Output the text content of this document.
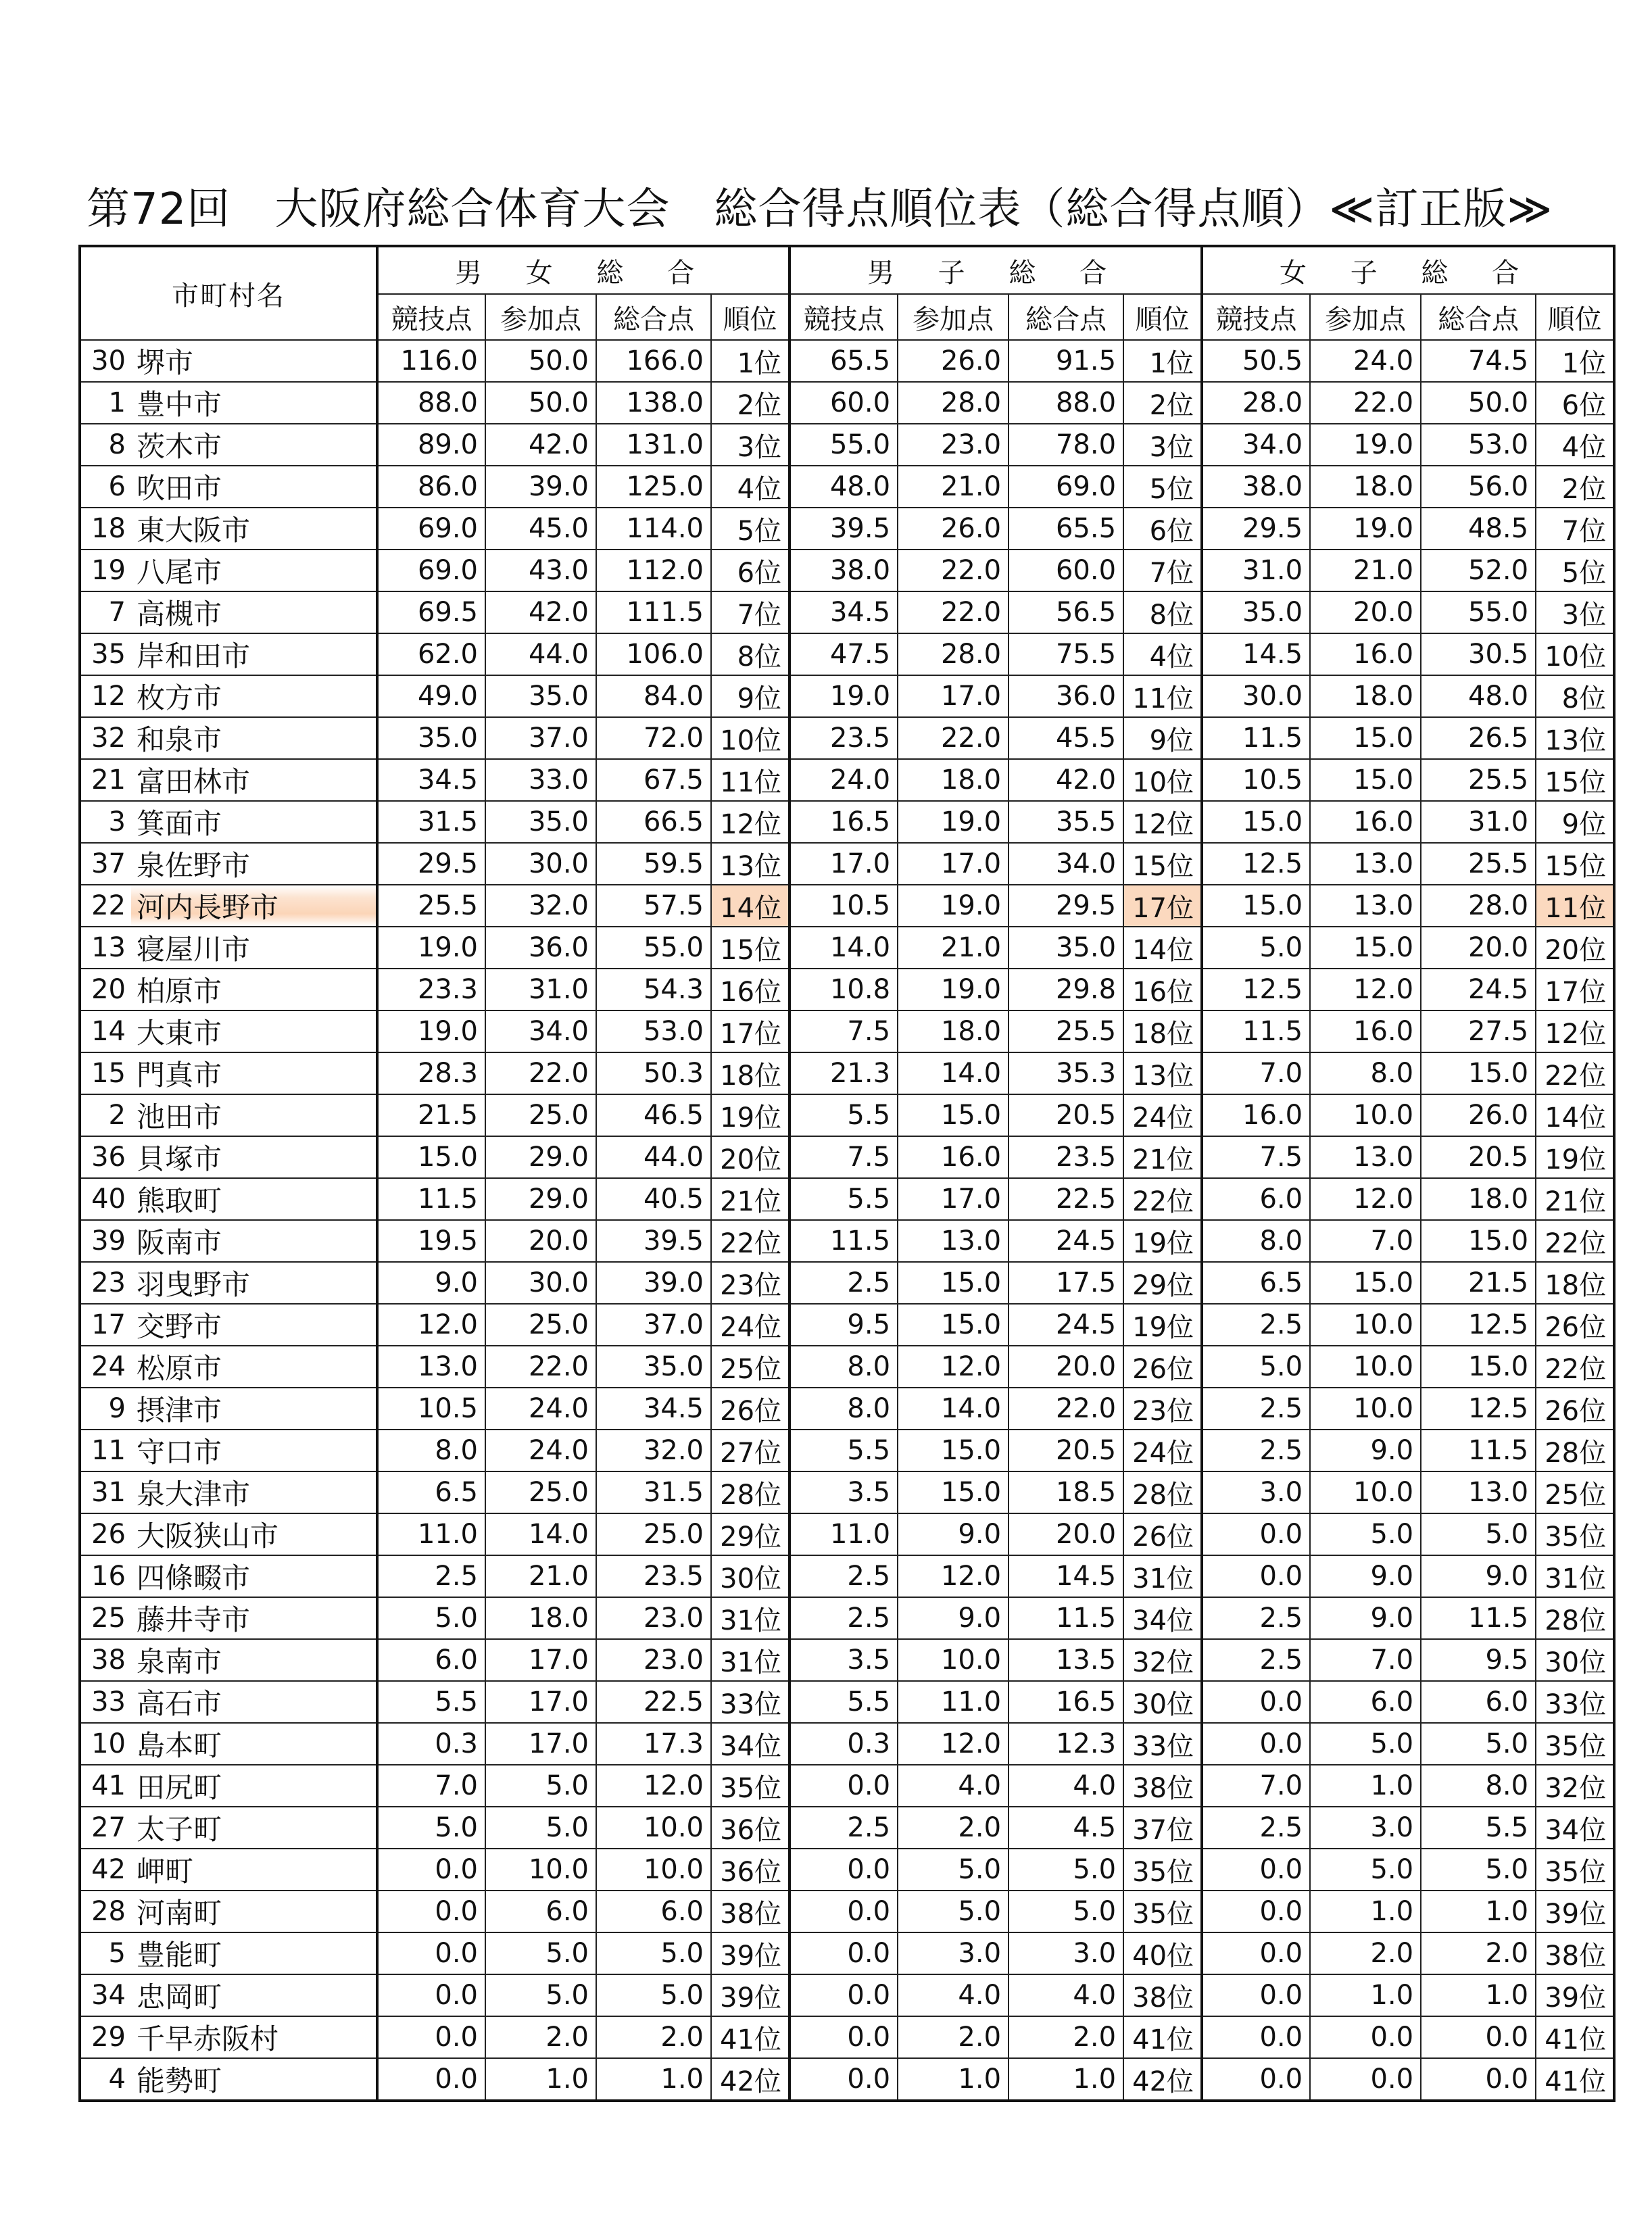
第72回　大阪府総合体育大会　総合得点順位表（総合得点順）≪訂正版≫
市町村名		男 女 総 合				男 子 総 合				女 子 総 合			
		競技点	参加点	総合点	順位	競技点	参加点	総合点	順位	競技点	参加点	総合点	順位
30	堺市	116.0	50.0	166.0	1位	65.5	26.0	91.5	1位	50.5	24.0	74.5	1位
1	豊中市	88.0	50.0	138.0	2位	60.0	28.0	88.0	2位	28.0	22.0	50.0	6位
8	茨木市	89.0	42.0	131.0	3位	55.0	23.0	78.0	3位	34.0	19.0	53.0	4位
6	吹田市	86.0	39.0	125.0	4位	48.0	21.0	69.0	5位	38.0	18.0	56.0	2位
18	東大阪市	69.0	45.0	114.0	5位	39.5	26.0	65.5	6位	29.5	19.0	48.5	7位
19	八尾市	69.0	43.0	112.0	6位	38.0	22.0	60.0	7位	31.0	21.0	52.0	5位
7	高槻市	69.5	42.0	111.5	7位	34.5	22.0	56.5	8位	35.0	20.0	55.0	3位
35	岸和田市	62.0	44.0	106.0	8位	47.5	28.0	75.5	4位	14.5	16.0	30.5	10位
12	枚方市	49.0	35.0	84.0	9位	19.0	17.0	36.0	11位	30.0	18.0	48.0	8位
32	和泉市	35.0	37.0	72.0	10位	23.5	22.0	45.5	9位	11.5	15.0	26.5	13位
21	富田林市	34.5	33.0	67.5	11位	24.0	18.0	42.0	10位	10.5	15.0	25.5	15位
3	箕面市	31.5	35.0	66.5	12位	16.5	19.0	35.5	12位	15.0	16.0	31.0	9位
37	泉佐野市	29.5	30.0	59.5	13位	17.0	17.0	34.0	15位	12.5	13.0	25.5	15位
22	河内長野市	25.5	32.0	57.5	14位	10.5	19.0	29.5	17位	15.0	13.0	28.0	11位
13	寝屋川市	19.0	36.0	55.0	15位	14.0	21.0	35.0	14位	5.0	15.0	20.0	20位
20	柏原市	23.3	31.0	54.3	16位	10.8	19.0	29.8	16位	12.5	12.0	24.5	17位
14	大東市	19.0	34.0	53.0	17位	7.5	18.0	25.5	18位	11.5	16.0	27.5	12位
15	門真市	28.3	22.0	50.3	18位	21.3	14.0	35.3	13位	7.0	8.0	15.0	22位
2	池田市	21.5	25.0	46.5	19位	5.5	15.0	20.5	24位	16.0	10.0	26.0	14位
36	貝塚市	15.0	29.0	44.0	20位	7.5	16.0	23.5	21位	7.5	13.0	20.5	19位
40	熊取町	11.5	29.0	40.5	21位	5.5	17.0	22.5	22位	6.0	12.0	18.0	21位
39	阪南市	19.5	20.0	39.5	22位	11.5	13.0	24.5	19位	8.0	7.0	15.0	22位
23	羽曳野市	9.0	30.0	39.0	23位	2.5	15.0	17.5	29位	6.5	15.0	21.5	18位
17	交野市	12.0	25.0	37.0	24位	9.5	15.0	24.5	19位	2.5	10.0	12.5	26位
24	松原市	13.0	22.0	35.0	25位	8.0	12.0	20.0	26位	5.0	10.0	15.0	22位
9	摂津市	10.5	24.0	34.5	26位	8.0	14.0	22.0	23位	2.5	10.0	12.5	26位
11	守口市	8.0	24.0	32.0	27位	5.5	15.0	20.5	24位	2.5	9.0	11.5	28位
31	泉大津市	6.5	25.0	31.5	28位	3.5	15.0	18.5	28位	3.0	10.0	13.0	25位
26	大阪狭山市	11.0	14.0	25.0	29位	11.0	9.0	20.0	26位	0.0	5.0	5.0	35位
16	四條畷市	2.5	21.0	23.5	30位	2.5	12.0	14.5	31位	0.0	9.0	9.0	31位
25	藤井寺市	5.0	18.0	23.0	31位	2.5	9.0	11.5	34位	2.5	9.0	11.5	28位
38	泉南市	6.0	17.0	23.0	31位	3.5	10.0	13.5	32位	2.5	7.0	9.5	30位
33	高石市	5.5	17.0	22.5	33位	5.5	11.0	16.5	30位	0.0	6.0	6.0	33位
10	島本町	0.3	17.0	17.3	34位	0.3	12.0	12.3	33位	0.0	5.0	5.0	35位
41	田尻町	7.0	5.0	12.0	35位	0.0	4.0	4.0	38位	7.0	1.0	8.0	32位
27	太子町	5.0	5.0	10.0	36位	2.5	2.0	4.5	37位	2.5	3.0	5.5	34位
42	岬町	0.0	10.0	10.0	36位	0.0	5.0	5.0	35位	0.0	5.0	5.0	35位
28	河南町	0.0	6.0	6.0	38位	0.0	5.0	5.0	35位	0.0	1.0	1.0	39位
5	豊能町	0.0	5.0	5.0	39位	0.0	3.0	3.0	40位	0.0	2.0	2.0	38位
34	忠岡町	0.0	5.0	5.0	39位	0.0	4.0	4.0	38位	0.0	1.0	1.0	39位
29	千早赤阪村	0.0	2.0	2.0	41位	0.0	2.0	2.0	41位	0.0	0.0	0.0	41位
4	能勢町	0.0	1.0	1.0	42位	0.0	1.0	1.0	42位	0.0	0.0	0.0	41位
